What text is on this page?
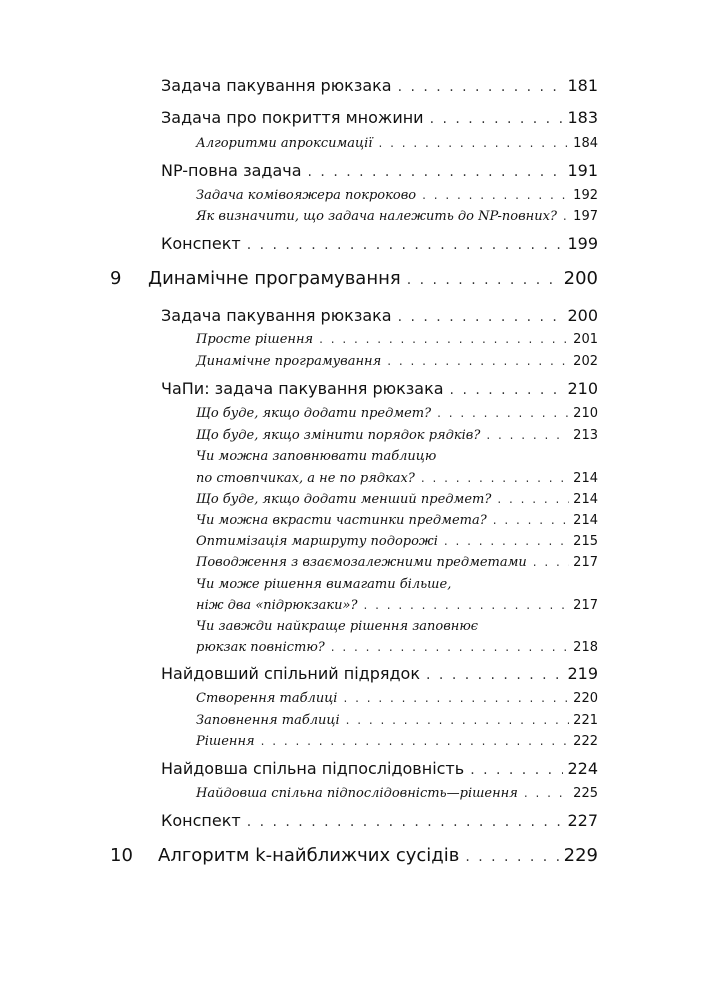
Задача пакування рюкзака . . .	181
Задача про покриття множини . . .	183
Алгоритми апроксимації . . .	184
NP-повна задача . . .	191
Задача комівояжера покроково . . .	192
Як визначити, що задача належить до NP-повних? . . . 197
Конспект . . .	199
9	Динамічне програмування . . .	200
Задача пакування рюкзака . . .	200
Просте рішення . . .	201
Динамічне програмування . . .	202
ЧаПи: задача пакування рюкзака . . .	210
Що буде, якщо додати предмет? . . .	210
Що буде, якщо змінити порядок рядків? . . .	213
Чи можна заповнювати таблицю
по стовпчиках, а не по рядках? . . .	214
Що буде, якщо додати менший предмет? . . .	214
Чи можна вкрасти частинки предмета? . . .	214
Оптимізація маршруту подорожі . . .	215
Поводження з взаємозалежними предметами . . .	217
Чи може рішення вимагати більше,
ніж два «підрюкзаки»? . . .	217
Чи завжди найкраще рішення заповнює
рюкзак повністю? . . .	218
Найдовший спільний підрядок . . .	219
Створення таблиці . . .	220
Заповнення таблиці . . .	221
Рішення . . .	222
Найдовша спільна підпослідовність . . .	224
Найдовша спільна підпослідовність—рішення . . .	225
Конспект . . .	227
10	Алгоритм k-найближчих сусідів . . .	229
